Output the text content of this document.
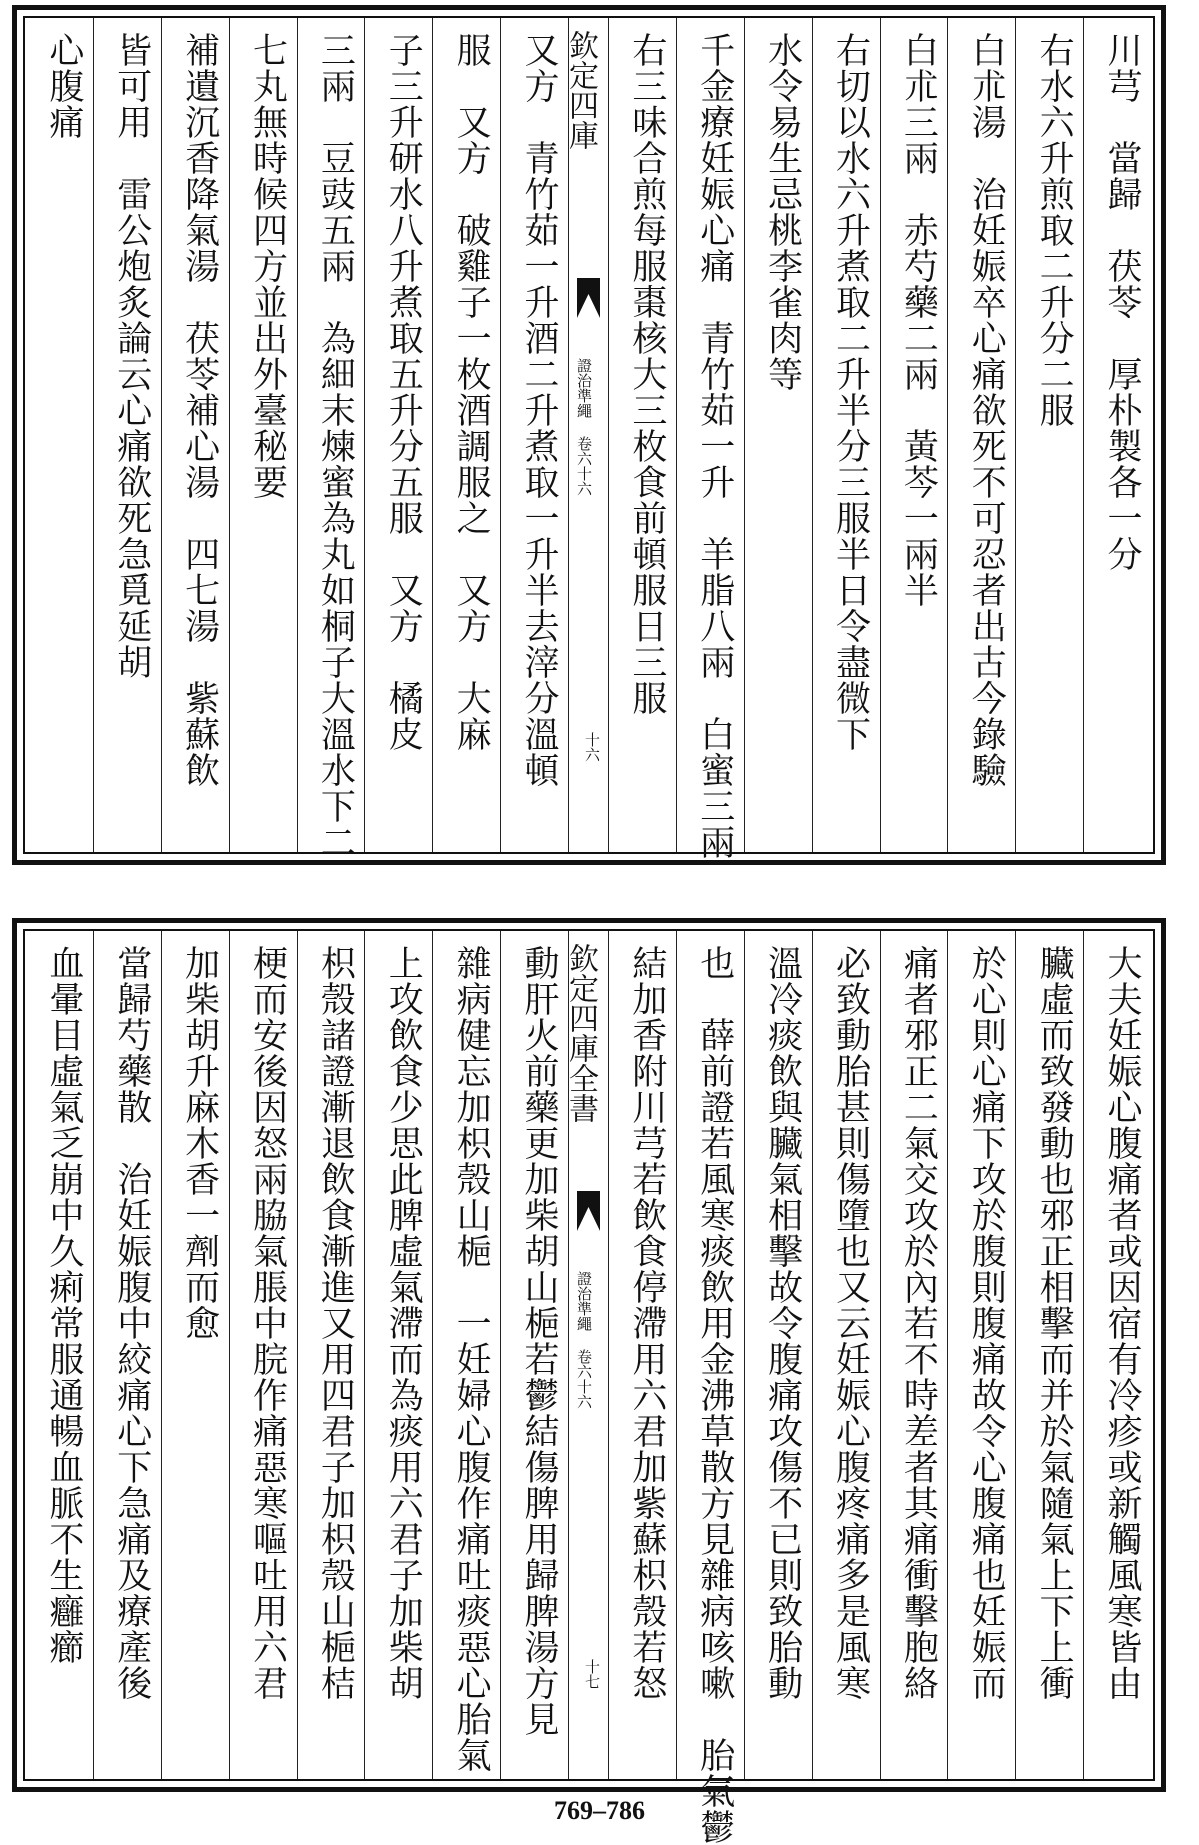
川芎　當歸　茯苓　厚朴製各一分
右水六升煎取二升分二服
白朮湯　治妊娠卒心痛欲死不可忍者出古今錄驗
白朮三兩　赤芍藥二兩　黃芩一兩半
右切以水六升煮取二升半分三服半日令盡微下
水令易生忌桃李雀肉等
千金療妊娠心痛　青竹茹一升　羊脂八兩　白蜜三兩
右三味合煎每服棗核大三枚食前頓服日三服
欽定四庫
證治準繩 卷六十六
十六
又方　青竹茹一升酒二升煮取一升半去滓分溫頓
服　又方　破雞子一枚酒調服之　又方　大麻
子三升研水八升煮取五升分五服　又方　橘皮
三兩　豆豉五兩　為細末煉蜜為丸如桐子大溫水下二
七丸無時候四方並出外臺秘要
補遺沉香降氣湯　茯苓補心湯　四七湯　紫蘇飲
皆可用　雷公炮炙論云心痛欲死急覓延胡
心腹痛
大夫妊娠心腹痛者或因宿有冷疹或新觸風寒皆由
臟虛而致發動也邪正相擊而并於氣隨氣上下上衝
於心則心痛下攻於腹則腹痛故令心腹痛也妊娠而
痛者邪正二氣交攻於內若不時差者其痛衝擊胞絡
必致動胎甚則傷墮也又云妊娠心腹疼痛多是風寒
溫冷痰飲與臟氣相擊故令腹痛攻傷不已則致胎動
也　薛前證若風寒痰飲用金沸草散方見雜病咳嗽　胎氣鬱
結加香附川芎若飲食停滯用六君加紫蘇枳殼若怒
欽定四庫全書
證治準繩 卷六十六
十七
動肝火前藥更加柴胡山梔若鬱結傷脾用歸脾湯方見
雜病健忘加枳殼山梔　一妊婦心腹作痛吐痰惡心胎氣
上攻飲食少思此脾虛氣滯而為痰用六君子加柴胡
枳殼諸證漸退飲食漸進又用四君子加枳殼山梔桔
梗而安後因怒兩脇氣脹中脘作痛惡寒嘔吐用六君
加柴胡升麻木香一劑而愈
當歸芍藥散　治妊娠腹中絞痛心下急痛及療產後
血暈目虛氣乏崩中久痢常服通暢血脈不生癰癤
769–786
